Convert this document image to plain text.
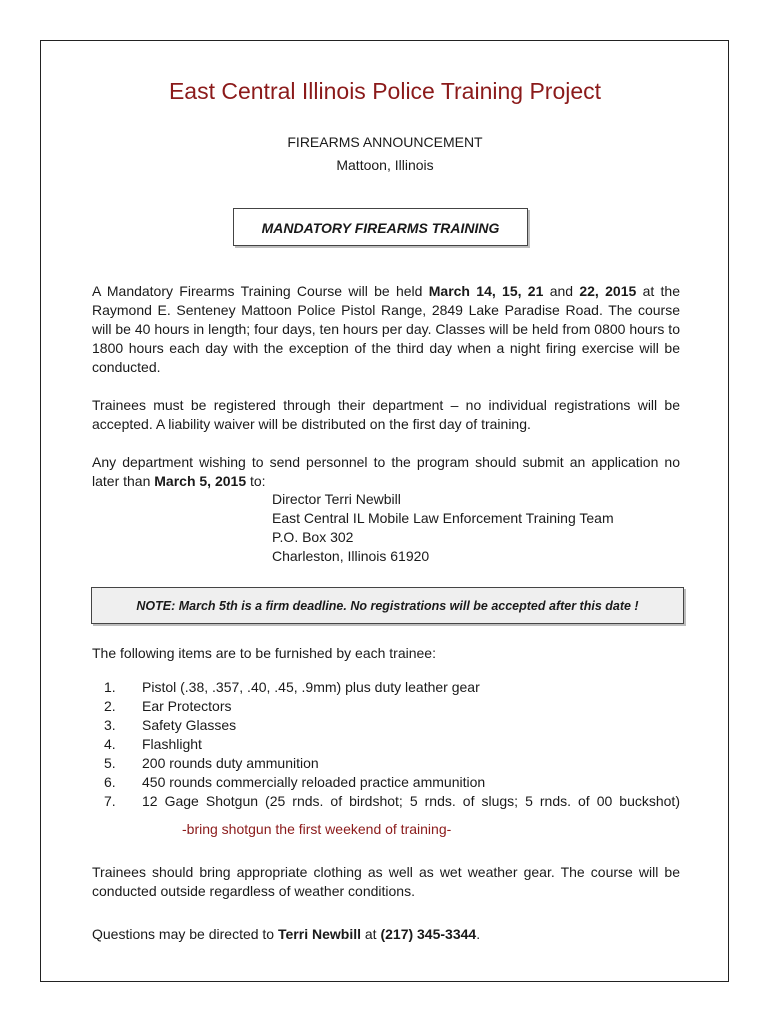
East Central Illinois Police Training Project
FIREARMS ANNOUNCEMENT
Mattoon, Illinois
MANDATORY FIREARMS TRAINING

A Mandatory Firearms Training Course will be held March 14, 15, 21 and 22, 2015 at the Raymond E. Senteney Mattoon Police Pistol Range, 2849 Lake Paradise Road. The course will be 40 hours in length; four days, ten hours per day. Classes will be held from 0800 hours to 1800 hours each day with the exception of the third day when a night firing exercise will be conducted.

Trainees must be registered through their department – no individual registrations will be accepted. A liability waiver will be distributed on the first day of training.

Any department wishing to send personnel to the program should submit an application no later than March 5, 2015 to:

Director Terri Newbill
East Central IL Mobile Law Enforcement Training Team
P.O. Box 302
Charleston, Illinois 61920
NOTE: March 5th is a firm deadline. No registrations will be accepted after this date !

The following items are to be furnished by each trainee:

1. Pistol (.38, .357, .40, .45, .9mm) plus duty leather gear
2. Ear Protectors
3. Safety Glasses
4. Flashlight
5. 200 rounds duty ammunition
6. 450 rounds commercially reloaded practice ammunition
7. 12 Gage Shotgun (25 rnds. of birdshot; 5 rnds. of slugs; 5 rnds. of 00 buckshot)
-bring shotgun the first weekend of training-

Trainees should bring appropriate clothing as well as wet weather gear. The course will be conducted outside regardless of weather conditions.

Questions may be directed to Terri Newbill at (217) 345-3344.
